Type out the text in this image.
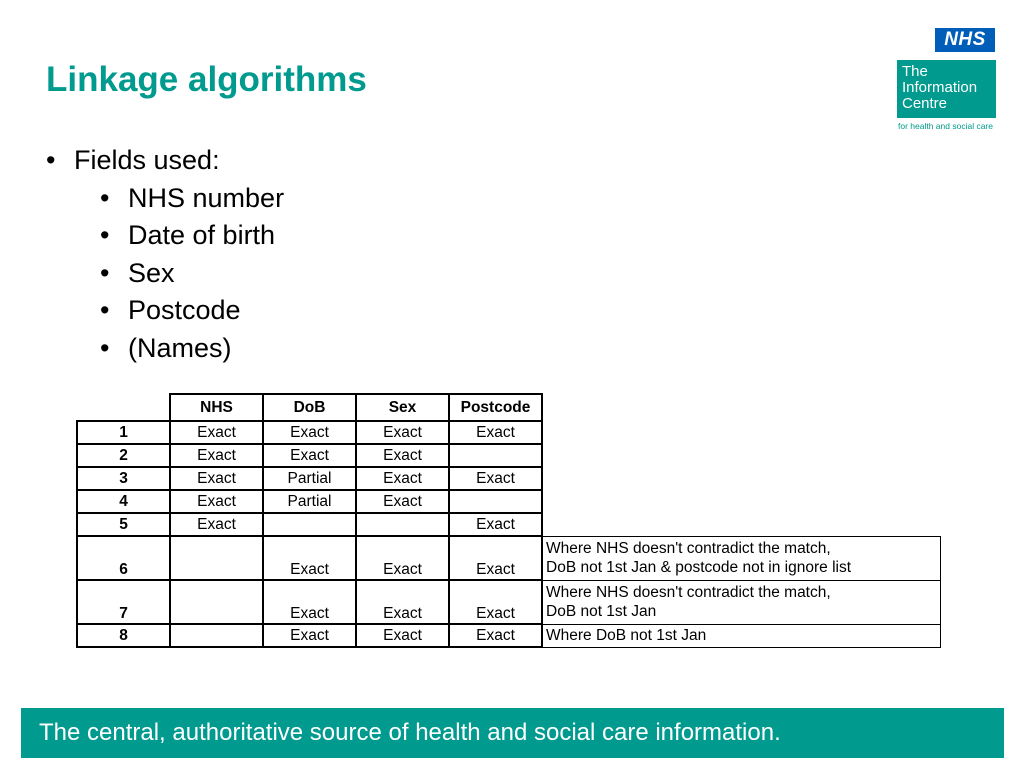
Linkage algorithms
NHS
The
Information
Centre
for health and social care
• Fields used:
• NHS number
• Date of birth
• Sex
• Postcode
• (Names)
	NHS	DoB	Sex	Postcode	
1	Exact	Exact	Exact	Exact	
2	Exact	Exact	Exact		
3	Exact	Partial	Exact	Exact	
4	Exact	Partial	Exact		
5	Exact			Exact	
6		Exact	Exact	Exact	Where NHS doesn't contradict the match,
DoB not 1st Jan & postcode not in ignore list

7		Exact	Exact	Exact	Where NHS doesn't contradict the match,
DoB not 1st Jan

8		Exact	Exact	Exact	Where DoB not 1st Jan
The central, authoritative source of health and social care information.
